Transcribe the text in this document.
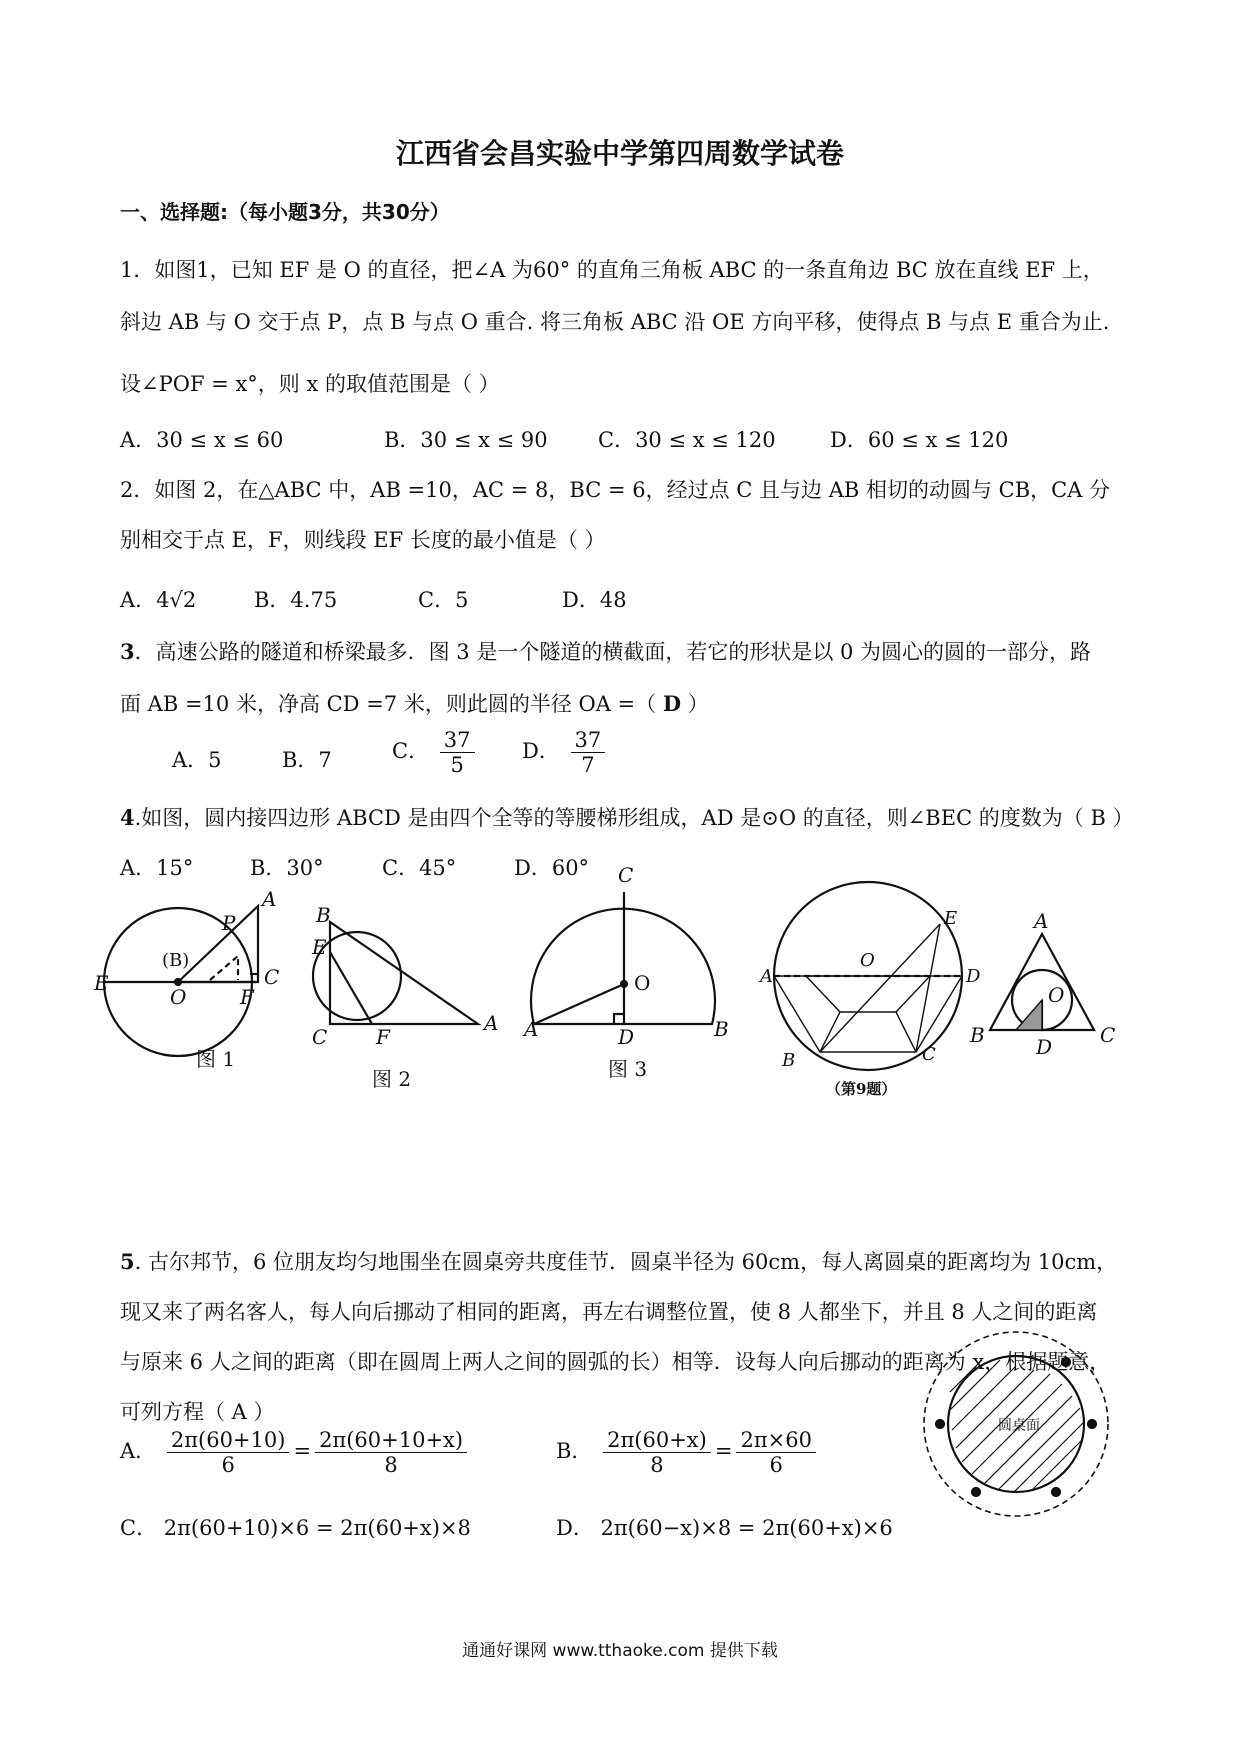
江西省会昌实验中学第四周数学试卷
一、选择题:（每小题3分，共30分）
1．如图1，已知 EF 是 O 的直径，把∠A 为60° 的直角三角板 ABC 的一条直角边 BC 放在直线 EF 上，
斜边 AB 与 O 交于点 P，点 B 与点 O 重合. 将三角板 ABC 沿 OE 方向平移，使得点 B 与点 E 重合为止.
设∠POF = x°，则 x 的取值范围是（ ）
A．30 ≤ x ≤ 60	B．30 ≤ x ≤ 90 C．30 ≤ x ≤ 120	D．60 ≤ x ≤ 120
2．如图 2，在△ABC 中，AB =10，AC = 8，BC = 6，经过点 C 且与边 AB 相切的动圆与 CB，CA 分
别相交于点 E，F，则线段 EF 长度的最小值是（ ）
A．4√2	B．4.75	C．5	D．48
3．高速公路的隧道和桥梁最多．图 3 是一个隧道的横截面，若它的形状是以 0 为圆心的圆的一部分，路
面 AB =10 米，净高 CD =7 米，则此圆的半径 OA =（ D ）
A．5	B．7	C． $\frac{37}{5}$ D． $\frac{37}{7}$
4.如图，圆内接四边形 ABCD 是由四个全等的等腰梯形组成，AD 是⊙O 的直径，则∠BEC 的度数为（ B ）
A．15°	B．30°	C．45°	D．60°
A
P
(B)
C
E
O	F
B
E
C F
A
C
O
A	D	B
E
A
O
D
B	C
A
O
B	D C
圆桌面
图 1
图 2	图 3
（第9题）
5. 古尔邦节，6 位朋友均匀地围坐在圆桌旁共度佳节．圆桌半径为 60cm，每人离圆桌的距离均为 10cm，
现又来了两名客人，每人向后挪动了相同的距离，再左右调整位置，使 8 人都坐下，并且 8 人之间的距离
与原来 6 人之间的距离（即在圆周上两人之间的圆弧的长）相等．设每人向后挪动的距离为 x，根据题意，
可列方程（ A ）
A． $\frac{2\pi(60+10)}{6} = \frac{2\pi(60+10+x)}{8}$	B． $\frac{2\pi(60+x)}{8} = \frac{2\pi\times 60}{6}$
C． 2π(60+10)×6 = 2π(60+x)×8	D． 2π(60−x)×8 = 2π(60+x)×6
通通好课网 www.tthaoke.com 提供下载
